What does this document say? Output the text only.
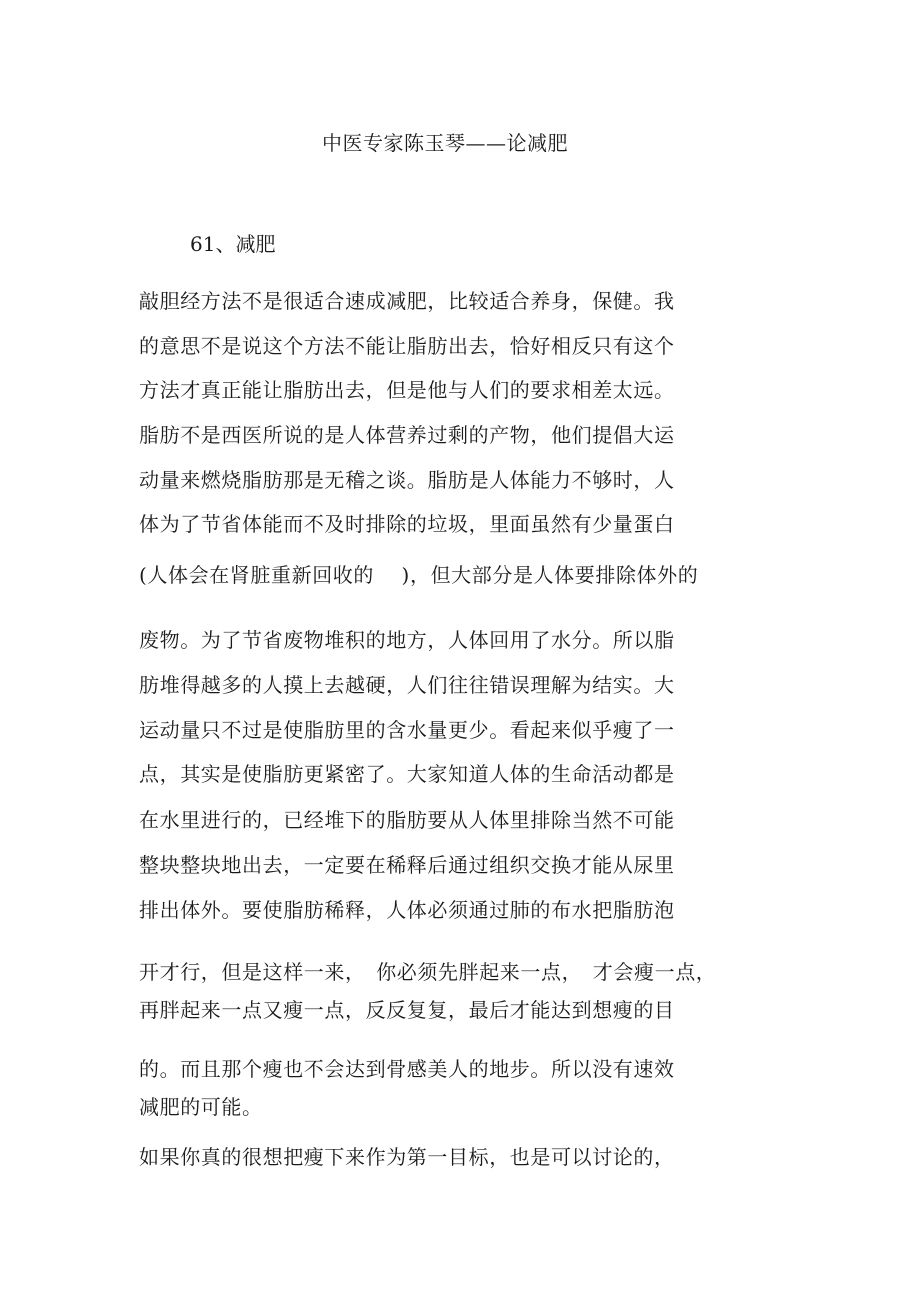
中医专家陈玉琴——论减肥
61、减肥
敲胆经方法不是很适合速成减肥，比较适合养身，保健。我
的意思不是说这个方法不能让脂肪出去，恰好相反只有这个
方法才真正能让脂肪出去，但是他与人们的要求相差太远。
脂肪不是西医所说的是人体营养过剩的产物，他们提倡大运
动量来燃烧脂肪那是无稽之谈。脂肪是人体能力不够时，人
体为了节省体能而不及时排除的垃圾，里面虽然有少量蛋白
(人体会在肾脏重新回收的　 )，但大部分是人体要排除体外的
废物。为了节省废物堆积的地方，人体回用了水分。所以脂
肪堆得越多的人摸上去越硬，人们往往错误理解为结实。大
运动量只不过是使脂肪里的含水量更少。看起来似乎瘦了一
点，其实是使脂肪更紧密了。大家知道人体的生命活动都是
在水里进行的，已经堆下的脂肪要从人体里排除当然不可能
整块整块地出去，一定要在稀释后通过组织交换才能从尿里
排出体外。要使脂肪稀释，人体必须通过肺的布水把脂肪泡
开才行，但是这样一来，　你必须先胖起来一点，　才会瘦一点，
再胖起来一点又瘦一点，反反复复，最后才能达到想瘦的目
的。而且那个瘦也不会达到骨感美人的地步。所以没有速效
减肥的可能。
如果你真的很想把瘦下来作为第一目标，也是可以讨论的，
